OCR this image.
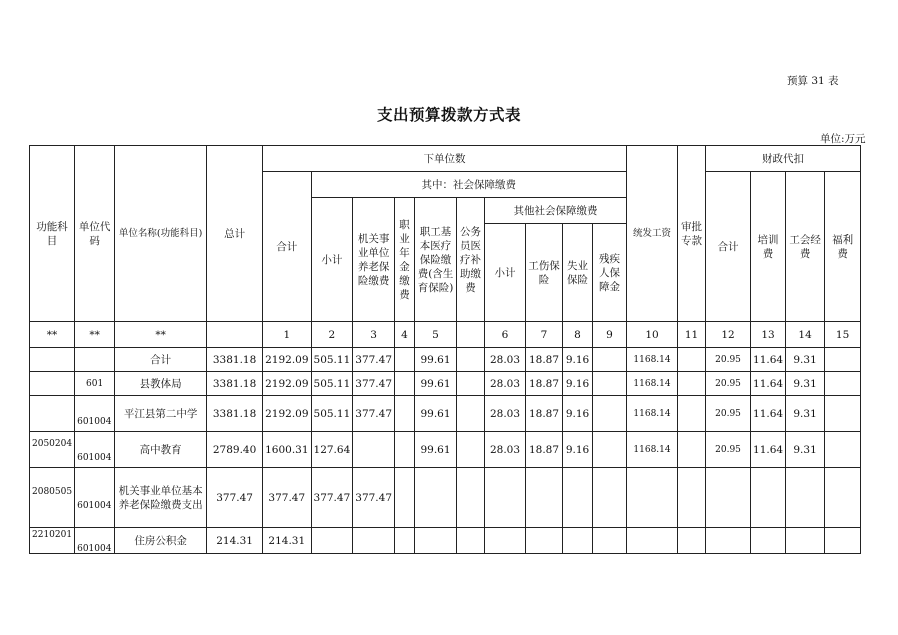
预算 31 表
支出预算拨款方式表
单位:万元
功能科目	单位代码	单位名称(功能科目)	总计	下单位数										统发工资	审批专款	财政代扣			
				合计	其中：社会保障缴费											合计	培训费	工会经费	福利费
					小计	机关事业单位养老保险缴费	职业年金缴费	职工基本医疗保险缴费(含生育保险)	公务员医疗补助缴费	其他社会保障缴费									
										小计	工伤保险	失业保险	残疾人保障金						
**	**	**		1	2	3	4	5		6	7	8	9	10	11	12	13	14	15
		合计	3381.18	2192.09	505.11	377.47		99.61		28.03	18.87	9.16		1168.14		20.95	11.64	9.31	
	601	县教体局	3381.18	2192.09	505.11	377.47		99.61		28.03	18.87	9.16		1168.14		20.95	11.64	9.31	

	601004	平江县第二中学	3381.18	2192.09	505.11	377.47		99.61		28.03	18.87	9.16		1168.14		20.95	11.64	9.31	

2050204	601004	高中教育	2789.40	1600.31	127.64			99.61		28.03	18.87	9.16		1168.14		20.95	11.64	9.31	

2080505	601004	机关事业单位基本养老保险缴费支出	377.47	377.47	377.47	377.47													

2210201	601004	住房公积金	214.31	214.31															
